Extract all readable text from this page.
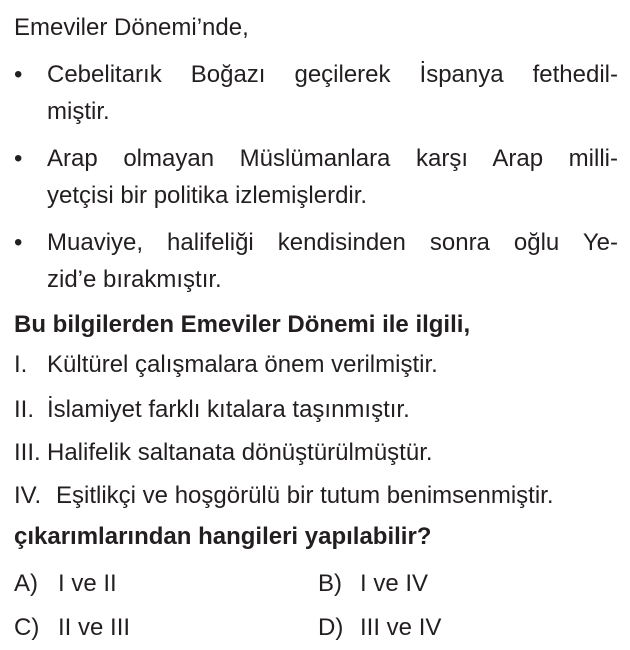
Emeviler Dönemi’nde,
• Cebelitarık Boğazı geçilerek İspanya fethedil-
miştir.
• Arap olmayan Müslümanlara karşı Arap milli-
yetçisi bir politika izlemişlerdir.
• Muaviye, halifeliği kendisinden sonra oğlu Ye-
zid’e bırakmıştır.
Bu bilgilerden Emeviler Dönemi ile ilgili,
I. Kültürel çalışmalara önem verilmiştir.
II. İslamiyet farklı kıtalara taşınmıştır.
III. Halifelik saltanata dönüştürülmüştür.
IV. Eşitlikçi ve hoşgörülü bir tutum benimsenmiştir.
çıkarımlarından hangileri yapılabilir?
A) I ve II	B) I ve IV
C) II ve III	D) III ve IV
